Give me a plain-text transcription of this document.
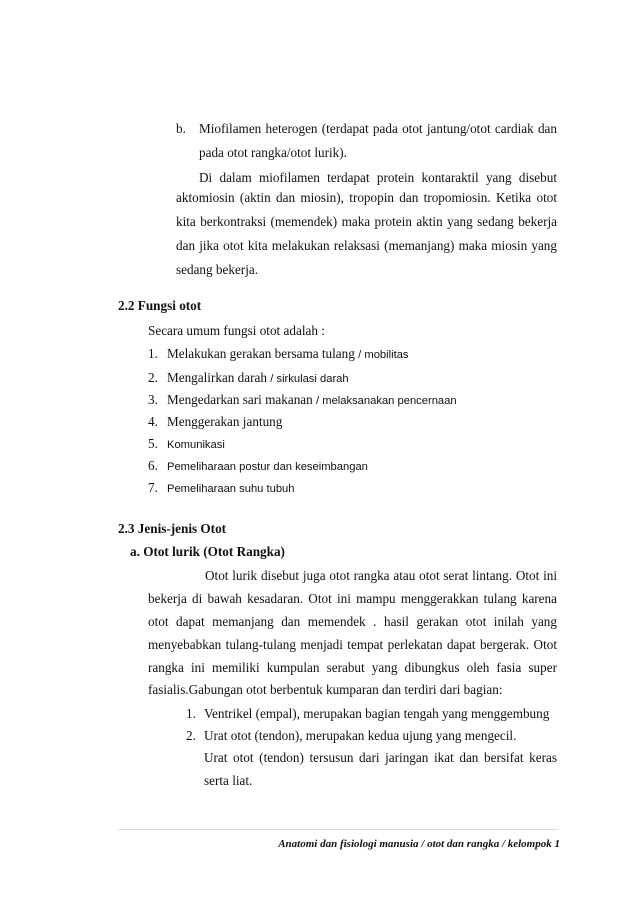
b. Miofilamen heterogen (terdapat pada otot jantung/otot cardiak dan
pada otot rangka/otot lurik).
Di dalam miofilamen terdapat protein kontaraktil yang disebut
aktomiosin (aktin dan miosin), tropopin dan tropomiosin. Ketika otot
kita berkontraksi (memendek) maka protein aktin yang sedang bekerja
dan jika otot kita melakukan relaksasi (memanjang) maka miosin yang
sedang bekerja.
2.2 Fungsi otot
Secara umum fungsi otot adalah :
1. Melakukan gerakan bersama tulang / mobilitas
2. Mengalirkan darah / sirkulasi darah
3. Mengedarkan sari makanan / melaksanakan pencernaan
4. Menggerakan jantung
5. Komunikasi
6. Pemeliharaan postur dan keseimbangan
7. Pemeliharaan suhu tubuh
2.3 Jenis-jenis Otot
a. Otot lurik (Otot Rangka)
Otot lurik disebut juga otot rangka atau otot serat lintang. Otot ini
bekerja di bawah kesadaran. Otot ini mampu menggerakkan tulang karena
otot dapat memanjang dan memendek . hasil gerakan otot inilah yang
menyebabkan tulang-tulang menjadi tempat perlekatan dapat bergerak. Otot
rangka ini memiliki kumpulan serabut yang dibungkus oleh fasia super
fasialis.Gabungan otot berbentuk kumparan dan terdiri dari bagian:
1. Ventrikel (empal), merupakan bagian tengah yang menggembung
2. Urat otot (tendon), merupakan kedua ujung yang mengecil.
Urat otot (tendon) tersusun dari jaringan ikat dan bersifat keras
serta liat.
Anatomi dan fisiologi manusia / otot dan rangka / kelompok 1
